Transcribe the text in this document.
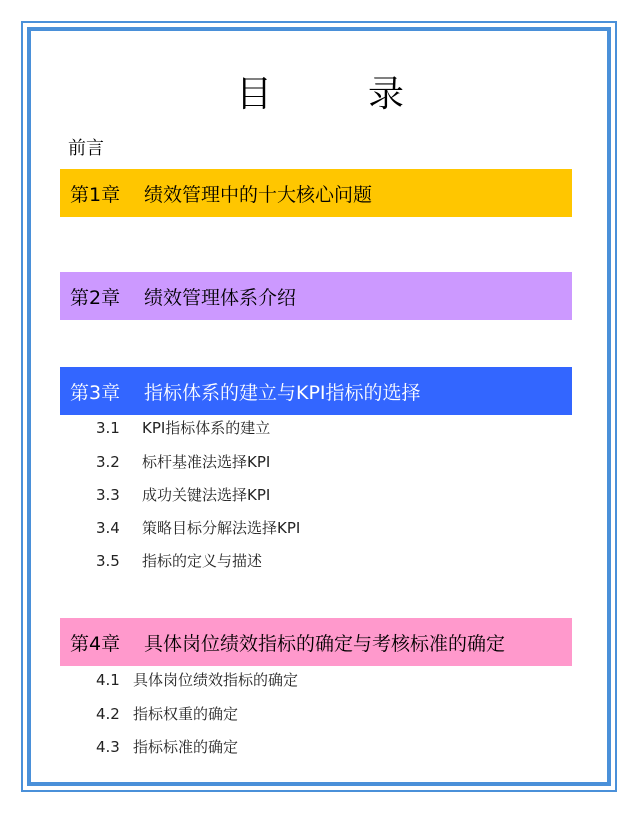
目　录
前言
第1章	绩效管理中的十大核心问题
第2章	绩效管理体系介绍
第3章	指标体系的建立与KPI指标的选择
3.1 KPI指标体系的建立
3.2 标杆基准法选择KPI
3.3 成功关键法选择KPI
3.4 策略目标分解法选择KPI
3.5 指标的定义与描述
第4章	具体岗位绩效指标的确定与考核标准的确定
4.1 具体岗位绩效指标的确定
4.2 指标权重的确定
4.3 指标标准的确定
